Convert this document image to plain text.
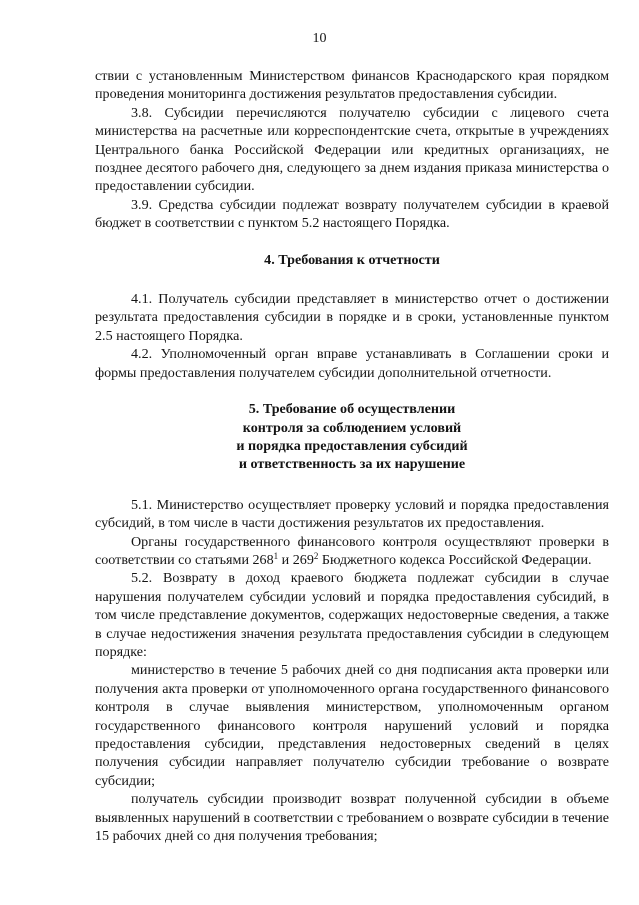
10

ствии с установленным Министерством финансов Краснодарского края порядком проведения мониторинга достижения результатов предоставления субсидии.

3.8. Субсидии перечисляются получателю субсидии с лицевого счета министерства на расчетные или корреспондентские счета, открытые в учреждениях Центрального банка Российской Федерации или кредитных организациях, не позднее десятого рабочего дня, следующего за днем издания приказа министерства о предоставлении субсидии.

3.9. Средства субсидии подлежат возврату получателем субсидии в краевой бюджет в соответствии с пунктом 5.2 настоящего Порядка.

4. Требования к отчетности

4.1. Получатель субсидии представляет в министерство отчет о достижении результата предоставления субсидии в порядке и в сроки, установленные пунктом 2.5 настоящего Порядка.

4.2. Уполномоченный орган вправе устанавливать в Соглашении сроки и формы предоставления получателем субсидии дополнительной отчетности.

5. Требование об осуществлении
контроля за соблюдением условий
и порядка предоставления субсидий
и ответственность за их нарушение

5.1. Министерство осуществляет проверку условий и порядка предоставления субсидий, в том числе в части достижения результатов их предоставления.

Органы государственного финансового контроля осуществляют проверки в соответствии со статьями $268^1$ и $269^2$ Бюджетного кодекса Российской Федерации.

5.2. Возврату в доход краевого бюджета подлежат субсидии в случае нарушения получателем субсидии условий и порядка предоставления субсидий, в том числе представление документов, содержащих недостоверные сведения, а также в случае недостижения значения результата предоставления субсидии в следующем порядке:

министерство в течение 5 рабочих дней со дня подписания акта проверки или получения акта проверки от уполномоченного органа государственного финансового контроля в случае выявления министерством, уполномоченным органом государственного финансового контроля нарушений условий и порядка предоставления субсидии, представления недостоверных сведений в целях получения субсидии направляет получателю субсидии требование о возврате субсидии;

получатель субсидии производит возврат полученной субсидии в объеме выявленных нарушений в соответствии с требованием о возврате субсидии в течение 15 рабочих дней со дня получения требования;
